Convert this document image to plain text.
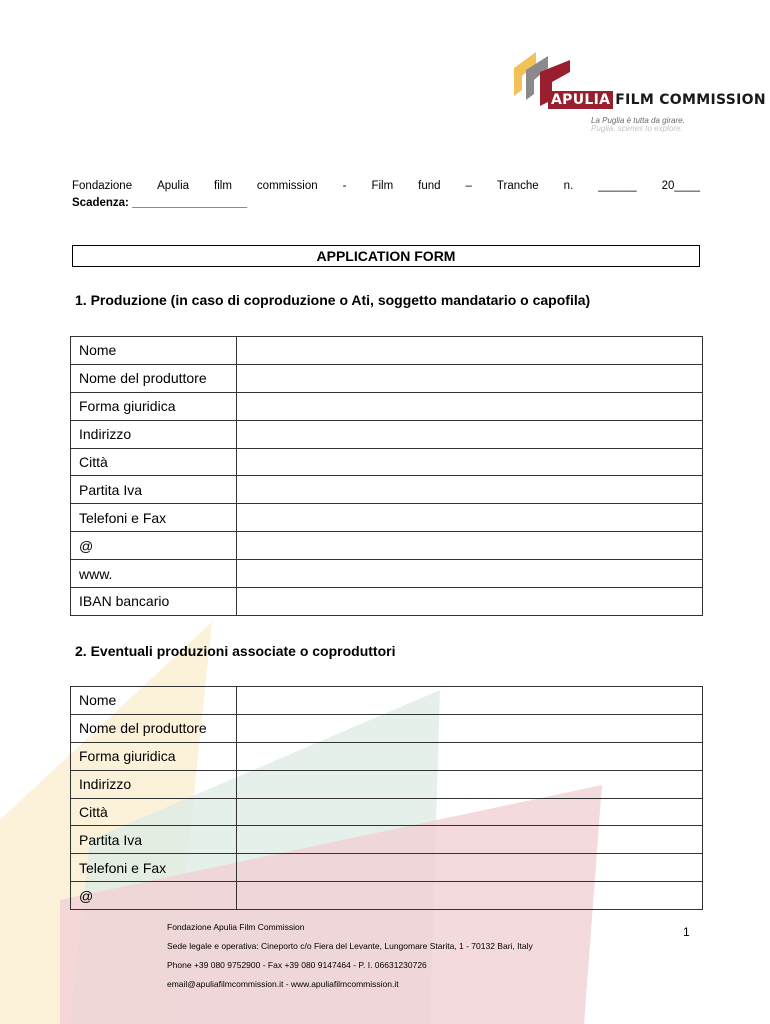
APULIA FILM COMMISSION
La Puglia è tutta da girare.
Puglia, scenes to explore.
Fondazione Apulia film commission - Film fund – Tranche n. ______ 20____
Scadenza: __________________
APPLICATION FORM
1. Produzione (in caso di coproduzione o Ati, soggetto mandatario o capofila)
Nome	
Nome del produttore	
Forma giuridica	
Indirizzo	
Città	
Partita Iva	
Telefoni e Fax	
@	
www.	
IBAN bancario	
2. Eventuali produzioni associate o coproduttori
Nome	
Nome del produttore	
Forma giuridica	
Indirizzo	
Città	
Partita Iva	
Telefoni e Fax	
@	
Fondazione Apulia Film Commission
Sede legale e operativa: Cineporto c/o Fiera del Levante, Lungomare Starita, 1 - 70132 Bari, Italy
Phone +39 080 9752900 - Fax +39 080 9147464 - P. I. 06631230726
email@apuliafilmcommission.it - www.apuliafilmcommission.it
1
